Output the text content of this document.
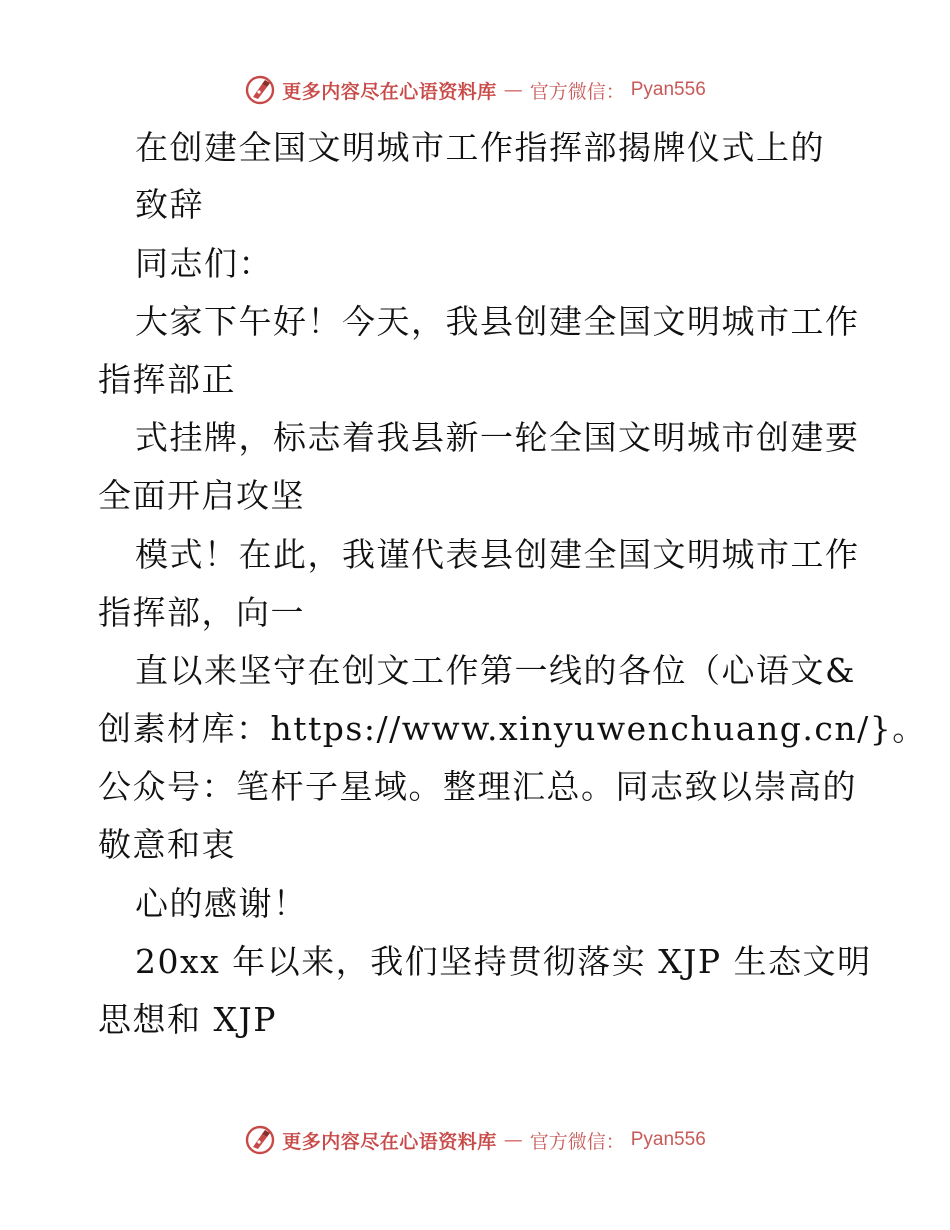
更多内容尽在心语资料库 — 官方微信： Pyan556

在创建全国文明城市工作指挥部揭牌仪式上的

致辞

同志们：

大家下午好！今天，我县创建全国文明城市工作

指挥部正

式挂牌，标志着我县新一轮全国文明城市创建要

全面开启攻坚

模式！在此，我谨代表县创建全国文明城市工作

指挥部，向一

直以来坚守在创文工作第一线的各位（心语文&

创素材库：https://www.xinyuwenchuang.cn/}。

公众号：笔杆子星域。整理汇总。同志致以崇高的

敬意和衷

心的感谢！

20xx 年以来，我们坚持贯彻落实 XJP 生态文明

思想和 XJP

更多内容尽在心语资料库 — 官方微信： Pyan556
